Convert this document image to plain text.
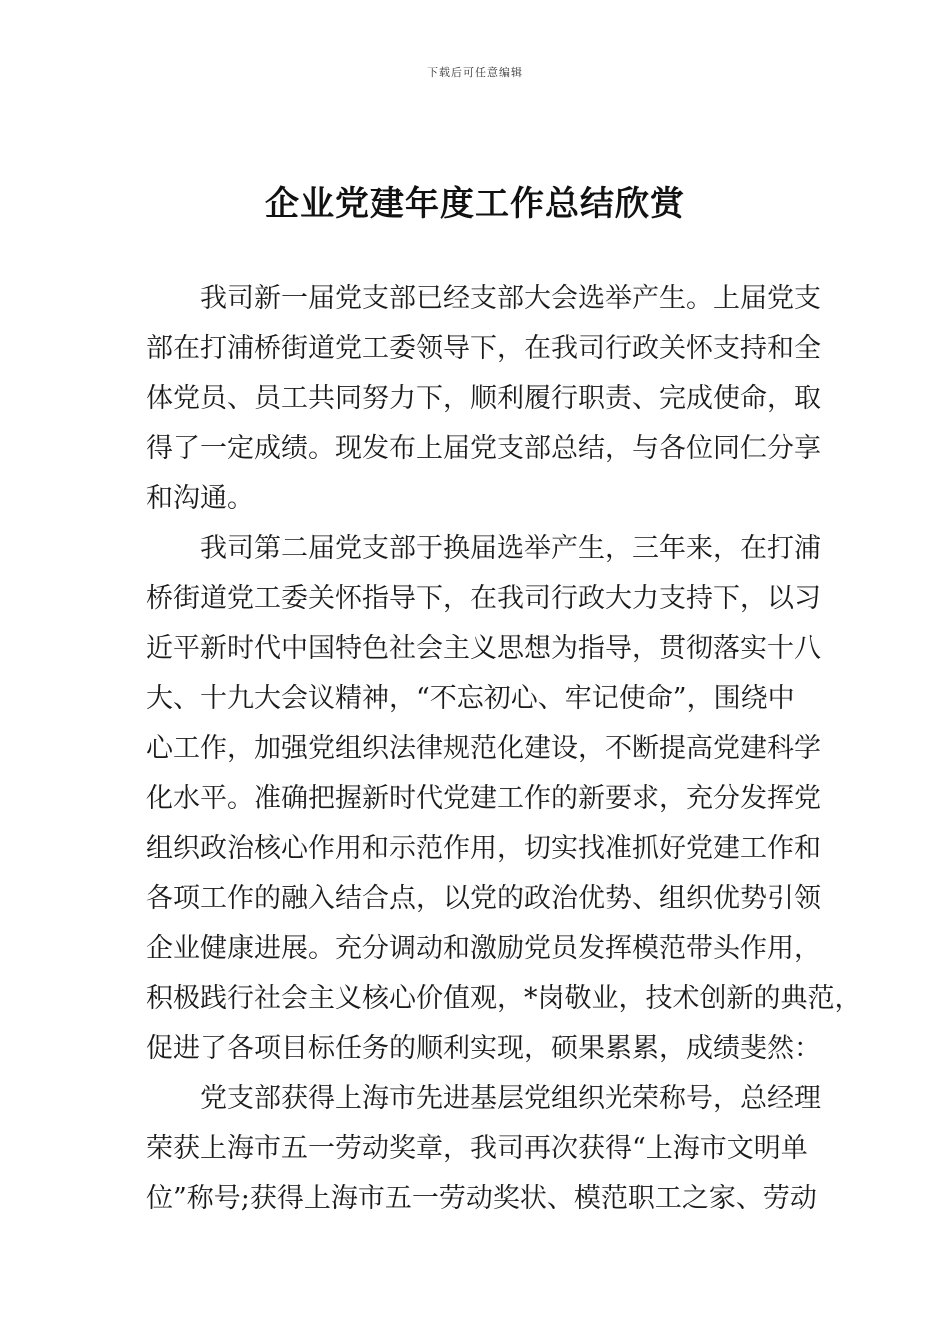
下载后可任意编辑
企业党建年度工作总结欣赏
我司新一届党支部已经支部大会选举产生。上届党支
部在打浦桥街道党工委领导下，在我司行政关怀支持和全
体党员、员工共同努力下，顺利履行职责、完成使命，取
得了一定成绩。现发布上届党支部总结，与各位同仁分享
和沟通。
我司第二届党支部于换届选举产生，三年来，在打浦
桥街道党工委关怀指导下，在我司行政大力支持下，以习
近平新时代中国特色社会主义思想为指导，贯彻落实十八
大、十九大会议精神，“不忘初心、牢记使命”，围绕中
心工作，加强党组织法律规范化建设，不断提高党建科学
化水平。准确把握新时代党建工作的新要求，充分发挥党
组织政治核心作用和示范作用，切实找准抓好党建工作和
各项工作的融入结合点，以党的政治优势、组织优势引领
企业健康进展。充分调动和激励党员发挥模范带头作用，
积极践行社会主义核心价值观，*岗敬业，技术创新的典范，
促进了各项目标任务的顺利实现，硕果累累，成绩斐然：
党支部获得上海市先进基层党组织光荣称号，总经理
荣获上海市五一劳动奖章，我司再次获得“上海市文明单
位”称号;获得上海市五一劳动奖状、模范职工之家、劳动
